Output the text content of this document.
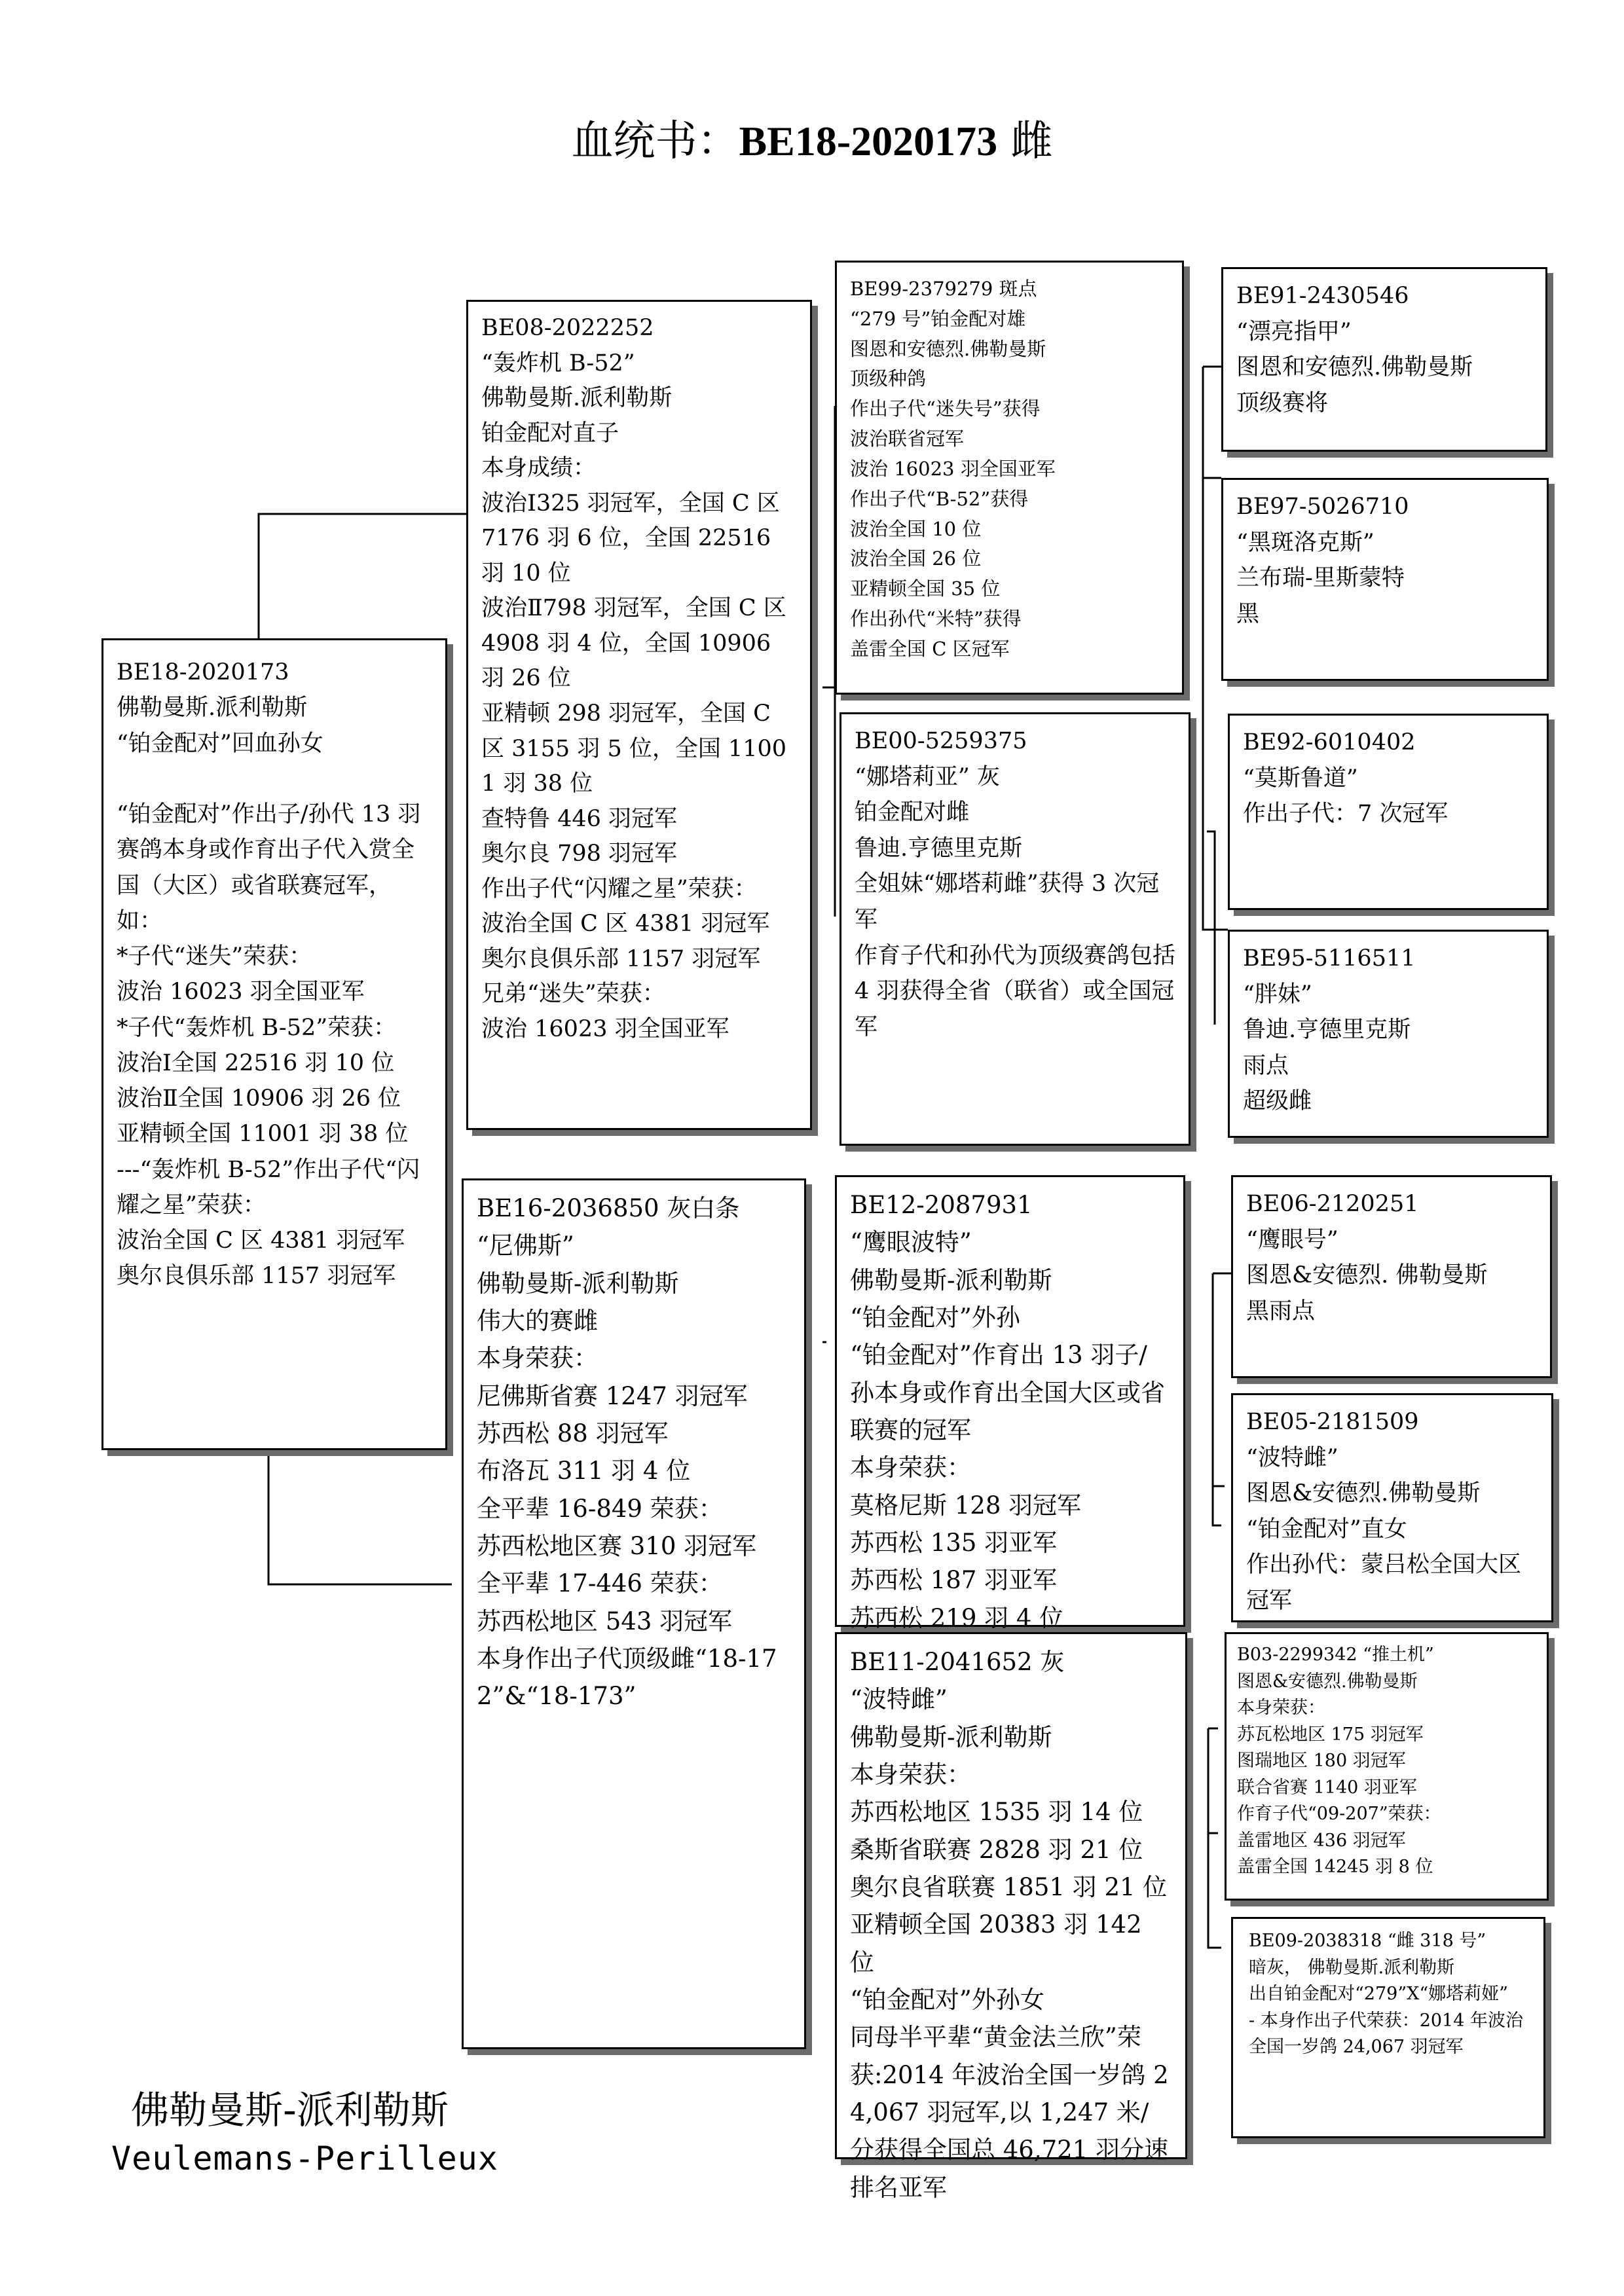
血统书：BE18-2020173 雌
BE18-2020173
佛勒曼斯.派利勒斯
“铂金配对”回血孙女

“铂金配对”作出子/孙代 13 羽赛鸽本身或作育出子代入赏全国（大区）或省联赛冠军，如：
*子代“迷失”荣获：
波治 16023 羽全国亚军
*子代“轰炸机 B-52”荣获：
波治Ⅰ全国 22516 羽 10 位
波治Ⅱ全国 10906 羽 26 位
亚精顿全国 11001 羽 38 位
---“轰炸机 B-52”作出子代“闪耀之星”荣获：
波治全国 C 区 4381 羽冠军
奥尔良俱乐部 1157 羽冠军
BE08-2022252
“轰炸机 B-52”
佛勒曼斯.派利勒斯
铂金配对直子
本身成绩：
波治Ⅰ325 羽冠军，全国 C 区 7176 羽 6 位，全国 22516 羽 10 位
波治Ⅱ798 羽冠军，全国 C 区 4908 羽 4 位，全国 10906 羽 26 位
亚精顿 298 羽冠军，全国 C 区 3155 羽 5 位，全国 11001 羽 38 位
查特鲁 446 羽冠军
奥尔良 798 羽冠军
作出子代“闪耀之星”荣获：
波治全国 C 区 4381 羽冠军
奥尔良俱乐部 1157 羽冠军
兄弟“迷失”荣获：
波治 16023 羽全国亚军
BE16-2036850 灰白条
“尼佛斯”
佛勒曼斯-派利勒斯
伟大的赛雌
本身荣获：
尼佛斯省赛 1247 羽冠军
苏西松 88 羽冠军
布洛瓦 311 羽 4 位
全平辈 16-849 荣获：
苏西松地区赛 310 羽冠军
全平辈 17-446 荣获：
苏西松地区 543 羽冠军
本身作出子代顶级雌“18-172”&“18-173”
BE99-2379279 斑点
“279 号”铂金配对雄
图恩和安德烈.佛勒曼斯
顶级种鸽
作出子代“迷失号”获得
波治联省冠军
波治 16023 羽全国亚军
作出子代“B-52”获得
波治全国 10 位
波治全国 26 位
亚精顿全国 35 位
作出孙代“米特”获得
盖雷全国 C 区冠军
BE00-5259375
“娜塔莉亚” 灰
铂金配对雌
鲁迪.亨德里克斯
全姐妹“娜塔莉雌”获得 3 次冠军
作育子代和孙代为顶级赛鸽包括 4 羽获得全省（联省）或全国冠军
BE12-2087931
“鹰眼波特”
佛勒曼斯-派利勒斯
“铂金配对”外孙
“铂金配对”作育出 13 羽子/孙本身或作育出全国大区或省联赛的冠军
本身荣获：
莫格尼斯 128 羽冠军
苏西松 135 羽亚军
苏西松 187 羽亚军
苏西松 219 羽 4 位
BE11-2041652 灰
“波特雌”
佛勒曼斯-派利勒斯
本身荣获：
苏西松地区 1535 羽 14 位
桑斯省联赛 2828 羽 21 位
奥尔良省联赛 1851 羽 21 位
亚精顿全国 20383 羽 142 位
“铂金配对”外孙女
同母半平辈“黄金法兰欣”荣获:2014 年波治全国一岁鸽 24,067 羽冠军,以 1,247 米/分获得全国总 46,721 羽分速排名亚军
BE91-2430546
“漂亮指甲”
图恩和安德烈.佛勒曼斯
顶级赛将
BE97-5026710
“黑斑洛克斯”
兰布瑞-里斯蒙特
黑
BE92-6010402
“莫斯鲁道”
作出子代：7 次冠军
BE95-5116511
“胖妹”
鲁迪.亨德里克斯
雨点
超级雌
BE06-2120251
“鹰眼号”
图恩&安德烈. 佛勒曼斯
黑雨点
BE05-2181509
“波特雌”
图恩&安德烈.佛勒曼斯
“铂金配对”直女
作出孙代：蒙吕松全国大区冠军
B03-2299342 “推土机”
图恩&安德烈.佛勒曼斯
本身荣获：
苏瓦松地区 175 羽冠军
图瑞地区 180 羽冠军
联合省赛 1140 羽亚军
作育子代“09-207”荣获：
盖雷地区 436 羽冠军
盖雷全国 14245 羽 8 位
BE09-2038318 “雌 318 号”
暗灰， 佛勒曼斯.派利勒斯
出自铂金配对“279”X“娜塔莉娅”
- 本身作出子代荣获：2014 年波治全国一岁鸽 24,067 羽冠军
佛勒曼斯-派利勒斯
Veulemans-Perilleux
